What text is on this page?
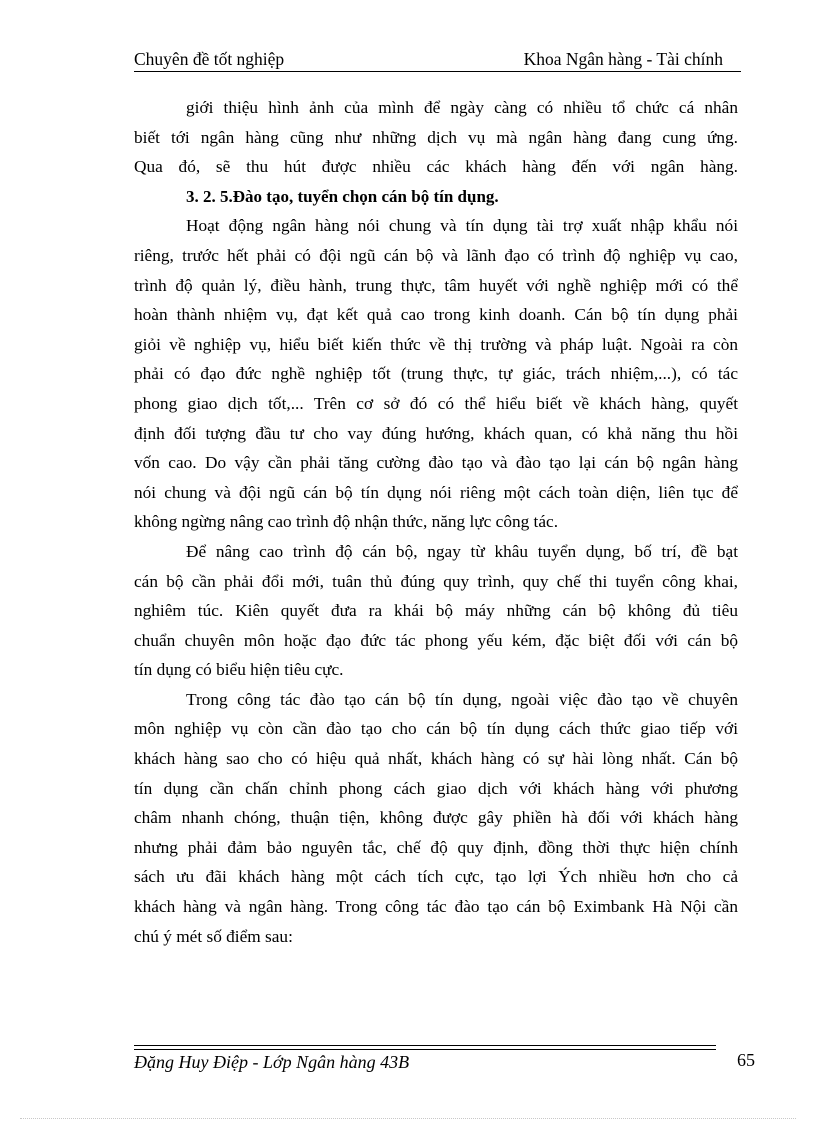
Chuyên đề tốt nghiệp	Khoa Ngân hàng - Tài chính
giới thiệu hình ảnh của mình để ngày càng có nhiều tổ chức cá nhân
biết tới ngân hàng cũng như những dịch vụ mà ngân hàng đang cung ứng.
Qua đó, sẽ thu hút được nhiều các khách hàng đến với ngân hàng.
3. 2. 5.Đào tạo, tuyển chọn cán bộ tín dụng.
Hoạt động ngân hàng nói chung và tín dụng tài trợ xuất nhập khẩu nói
riêng, trước hết phải có đội ngũ cán bộ và lãnh đạo có trình độ nghiệp vụ cao,
trình độ quản lý, điều hành, trung thực, tâm huyết với nghề nghiệp mới có thể
hoàn thành nhiệm vụ, đạt kết quả cao trong kinh doanh. Cán bộ tín dụng phải
giỏi về nghiệp vụ, hiểu biết kiến thức về thị trường và pháp luật. Ngoài ra còn
phải có đạo đức nghề nghiệp tốt (trung thực, tự giác, trách nhiệm,...), có tác
phong giao dịch tốt,... Trên cơ sở đó có thể hiểu biết về khách hàng, quyết
định đối tượng đầu tư cho vay đúng hướng, khách quan, có khả năng thu hồi
vốn cao. Do vậy cần phải tăng cường đào tạo và đào tạo lại cán bộ ngân hàng
nói chung và đội ngũ cán bộ tín dụng nói riêng một cách toàn diện, liên tục để
không ngừng nâng cao trình độ nhận thức, năng lực công tác.
Để nâng cao trình độ cán bộ, ngay từ khâu tuyển dụng, bố trí, đề bạt
cán bộ cần phải đổi mới, tuân thủ đúng quy trình, quy chế thi tuyển công khai,
nghiêm túc. Kiên quyết đưa ra khái bộ máy những cán bộ không đủ tiêu
chuẩn chuyên môn hoặc đạo đức tác phong yếu kém, đặc biệt đối với cán bộ
tín dụng có biểu hiện tiêu cực.
Trong công tác đào tạo cán bộ tín dụng, ngoài việc đào tạo về chuyên
môn nghiệp vụ còn cần đào tạo cho cán bộ tín dụng cách thức giao tiếp với
khách hàng sao cho có hiệu quả nhất, khách hàng có sự hài lòng nhất. Cán bộ
tín dụng cần chấn chỉnh phong cách giao dịch với khách hàng với phương
châm nhanh chóng, thuận tiện, không được gây phiền hà đối với khách hàng
nhưng phải đảm bảo nguyên tắc, chế độ quy định, đồng thời thực hiện chính
sách ưu đãi khách hàng một cách tích cực, tạo lợi Ých nhiều hơn cho cả
khách hàng và ngân hàng. Trong công tác đào tạo cán bộ Eximbank Hà Nội cần
chú ý mét số điểm sau:
Đặng Huy Điệp - Lớp Ngân hàng 43B	65
